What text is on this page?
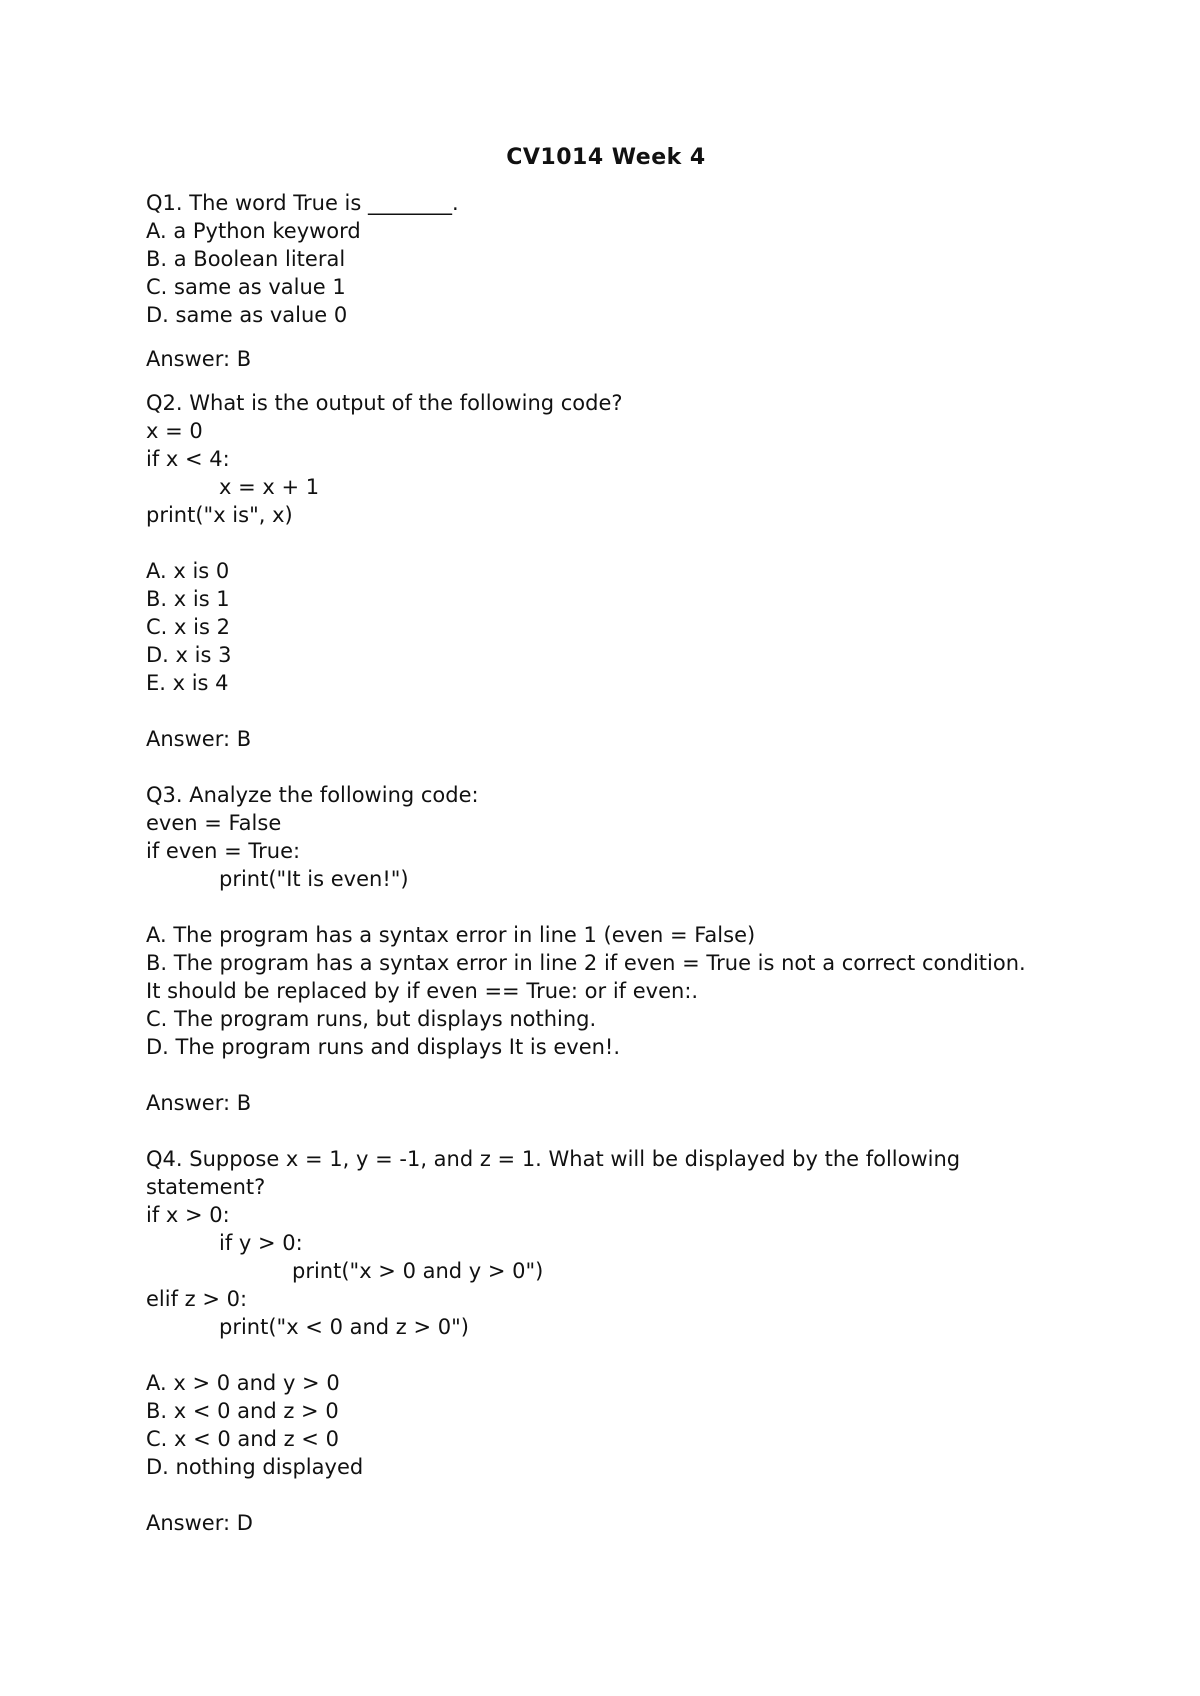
CV1014 Week 4
Q1. The word True is ________.
A. a Python keyword
B. a Boolean literal
C. same as value 1
D. same as value 0
Answer: B
Q2. What is the output of the following code?
x = 0
if x < 4:
x = x + 1
print("x is", x)
A. x is 0
B. x is 1
C. x is 2
D. x is 3
E. x is 4
Answer: B
Q3. Analyze the following code:
even = False
if even = True:
print("It is even!")
A. The program has a syntax error in line 1 (even = False)
B. The program has a syntax error in line 2 if even = True is not a correct condition. It should be replaced by if even == True: or if even:.
C. The program runs, but displays nothing.
D. The program runs and displays It is even!.
Answer: B
Q4. Suppose x = 1, y = -1, and z = 1. What will be displayed by the following statement?
if x > 0:
if y > 0:
print("x > 0 and y > 0")
elif z > 0:
print("x < 0 and z > 0")
A. x > 0 and y > 0
B. x < 0 and z > 0
C. x < 0 and z < 0
D. nothing displayed
Answer: D
